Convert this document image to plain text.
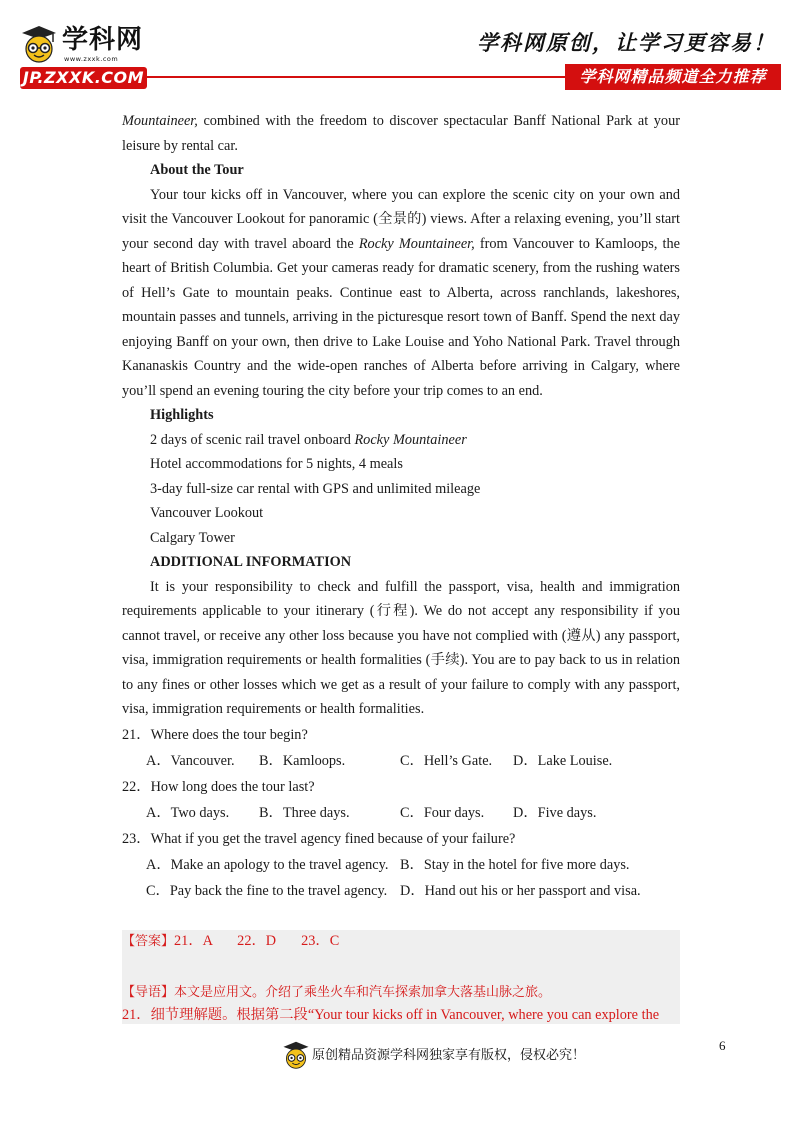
学科网
www.zxxk.com
JP.ZXXK.COM
学科网原创，让学习更容易！
学科网精品频道全力推荐

Mountaineer, combined with the freedom to discover spectacular Banff National Park at your leisure by rental car.

About the Tour

Your tour kicks off in Vancouver, where you can explore the scenic city on your own and visit the Vancouver Lookout for panoramic (全景的) views. After a relaxing evening, you’ll start your second day with travel aboard the Rocky Mountaineer, from Vancouver to Kamloops, the heart of British Columbia. Get your cameras ready for dramatic scenery, from the rushing waters of Hell’s Gate to mountain peaks. Continue east to Alberta, across ranchlands, lakeshores, mountain passes and tunnels, arriving in the picturesque resort town of Banff. Spend the next day enjoying Banff on your own, then drive to Lake Louise and Yoho National Park. Travel through Kananaskis Country and the wide-open ranches of Alberta before arriving in Calgary, where you’ll spend an evening touring the city before your trip comes to an end.

Highlights

2 days of scenic rail travel onboard Rocky Mountaineer

Hotel accommodations for 5 nights, 4 meals

3-day full-size car rental with GPS and unlimited mileage

Vancouver Lookout

Calgary Tower

ADDITIONAL INFORMATION

It is your responsibility to check and fulfill the passport, visa, health and immigration requirements applicable to your itinerary (行程). We do not accept any responsibility if you cannot travel, or receive any other loss because you have not complied with (遵从) any passport, visa, immigration requirements or health formalities (手续). You are to pay back to us in relation to any fines or other losses which we get as a result of your failure to comply with any passport, visa, immigration requirements or health formalities.

21．Where does the tour begin?

A．Vancouver. B．Kamloops.	C．Hell’s Gate. D．Lake Louise.

22．How long does the tour last?

A．Two days. B．Three days.	C．Four days. D．Five days.

23．What if you get the travel agency fined because of your failure?

A．Make an apology to the travel agency. B．Stay in the hotel for five more days.

C．Pay back the fine to the travel agency. D．Hand out his or her passport and visa.

【答案】21．A       22．D       23．C
【导语】本文是应用文。介绍了乘坐火车和汽车探索加拿大落基山脉之旅。
21．细节理解题。根据第二段“Your tour kicks off in Vancouver, where you can explore the
原创精品资源学科网独家享有版权，侵权必究！
6
